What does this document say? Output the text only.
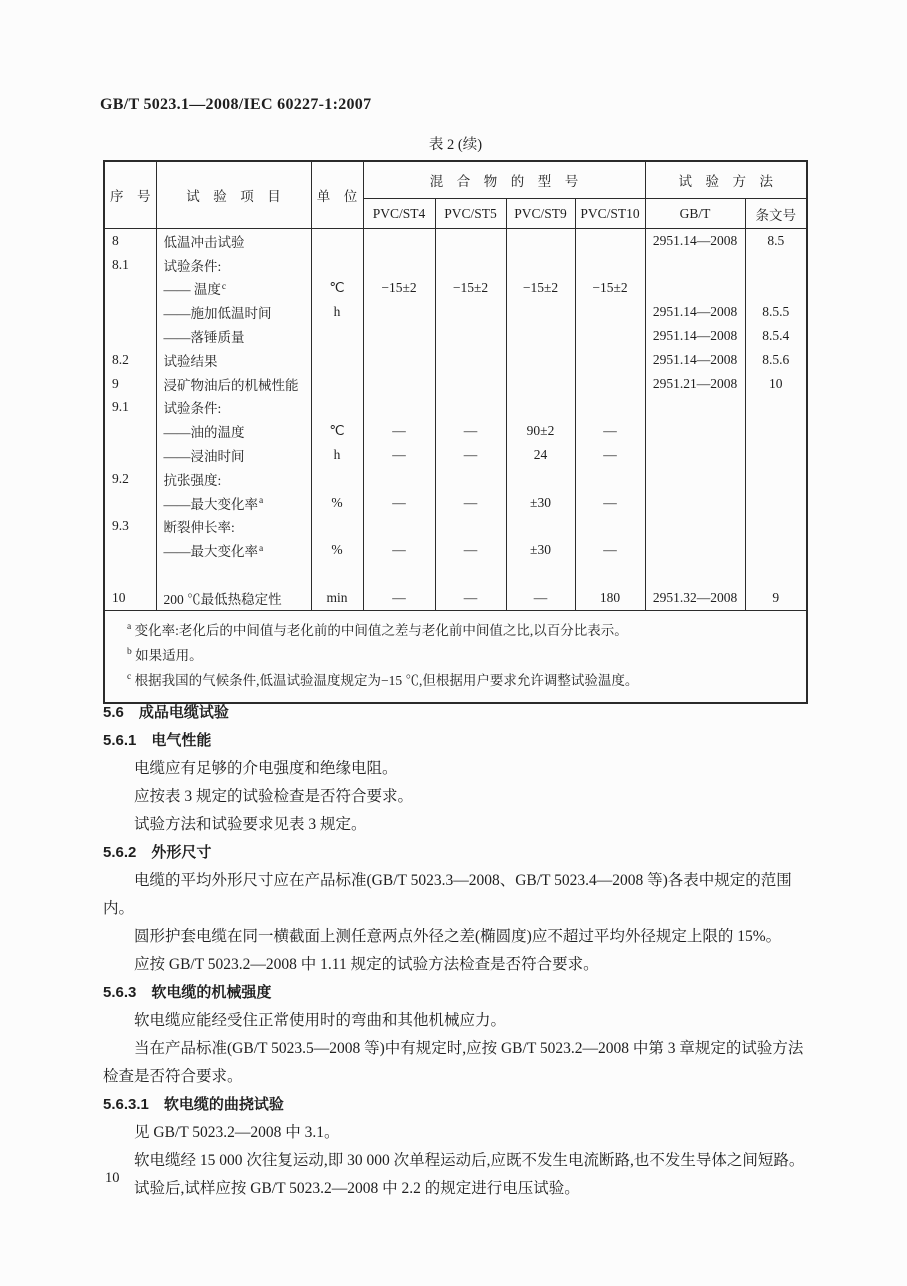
GB/T 5023.1—2008/IEC 60227-1:2007
表 2 (续)
序　号	试　验　项　目	单　位	混　合　物　的　型　号				试　验　方　法	
			PVC/ST4	PVC/ST5	PVC/ST9	PVC/ST10	GB/T	条文号
8	低温冲击试验						2951.14—2008	8.5
8.1	试验条件:							
	—— 温度$^c$	℃	−15±2	−15±2	−15±2	−15±2		
	——施加低温时间	h					2951.14—2008	8.5.5
	——落锤质量						2951.14—2008	8.5.4
8.2	试验结果						2951.14—2008	8.5.6
9	浸矿物油后的机械性能						2951.21—2008	10
9.1	试验条件:							
	——油的温度	℃	—	—	90±2	—		
	——浸油时间	h	—	—	24	—		
9.2	抗张强度:							
	——最大变化率$^a$	%	—	—	±30	—		
9.3	断裂伸长率:							
	——最大变化率$^a$	%	—	—	±30	—		

10	200 ℃最低热稳定性	min	—	—	—	180	2951.32—2008	9

$^a$ 变化率:老化后的中间值与老化前的中间值之差与老化前中间值之比,以百分比表示。
$^b$ 如果适用。
$^c$ 根据我国的气候条件,低温试验温度规定为−15 ℃,但根据用户要求允许调整试验温度。								
5.6　成品电缆试验
5.6.1　电气性能
电缆应有足够的介电强度和绝缘电阻。
应按表 3 规定的试验检查是否符合要求。
试验方法和试验要求见表 3 规定。
5.6.2　外形尺寸
电缆的平均外形尺寸应在产品标准(GB/T 5023.3—2008、GB/T 5023.4—2008 等)各表中规定的范围内。
圆形护套电缆在同一横截面上测任意两点外径之差(椭圆度)应不超过平均外径规定上限的 15%。
应按 GB/T 5023.2—2008 中 1.11 规定的试验方法检查是否符合要求。
5.6.3　软电缆的机械强度
软电缆应能经受住正常使用时的弯曲和其他机械应力。
当在产品标准(GB/T 5023.5—2008 等)中有规定时,应按 GB/T 5023.2—2008 中第 3 章规定的试验方法检查是否符合要求。
5.6.3.1　软电缆的曲挠试验
见 GB/T 5023.2—2008 中 3.1。
软电缆经 15 000 次往复运动,即 30 000 次单程运动后,应既不发生电流断路,也不发生导体之间短路。
试验后,试样应按 GB/T 5023.2—2008 中 2.2 的规定进行电压试验。
10
